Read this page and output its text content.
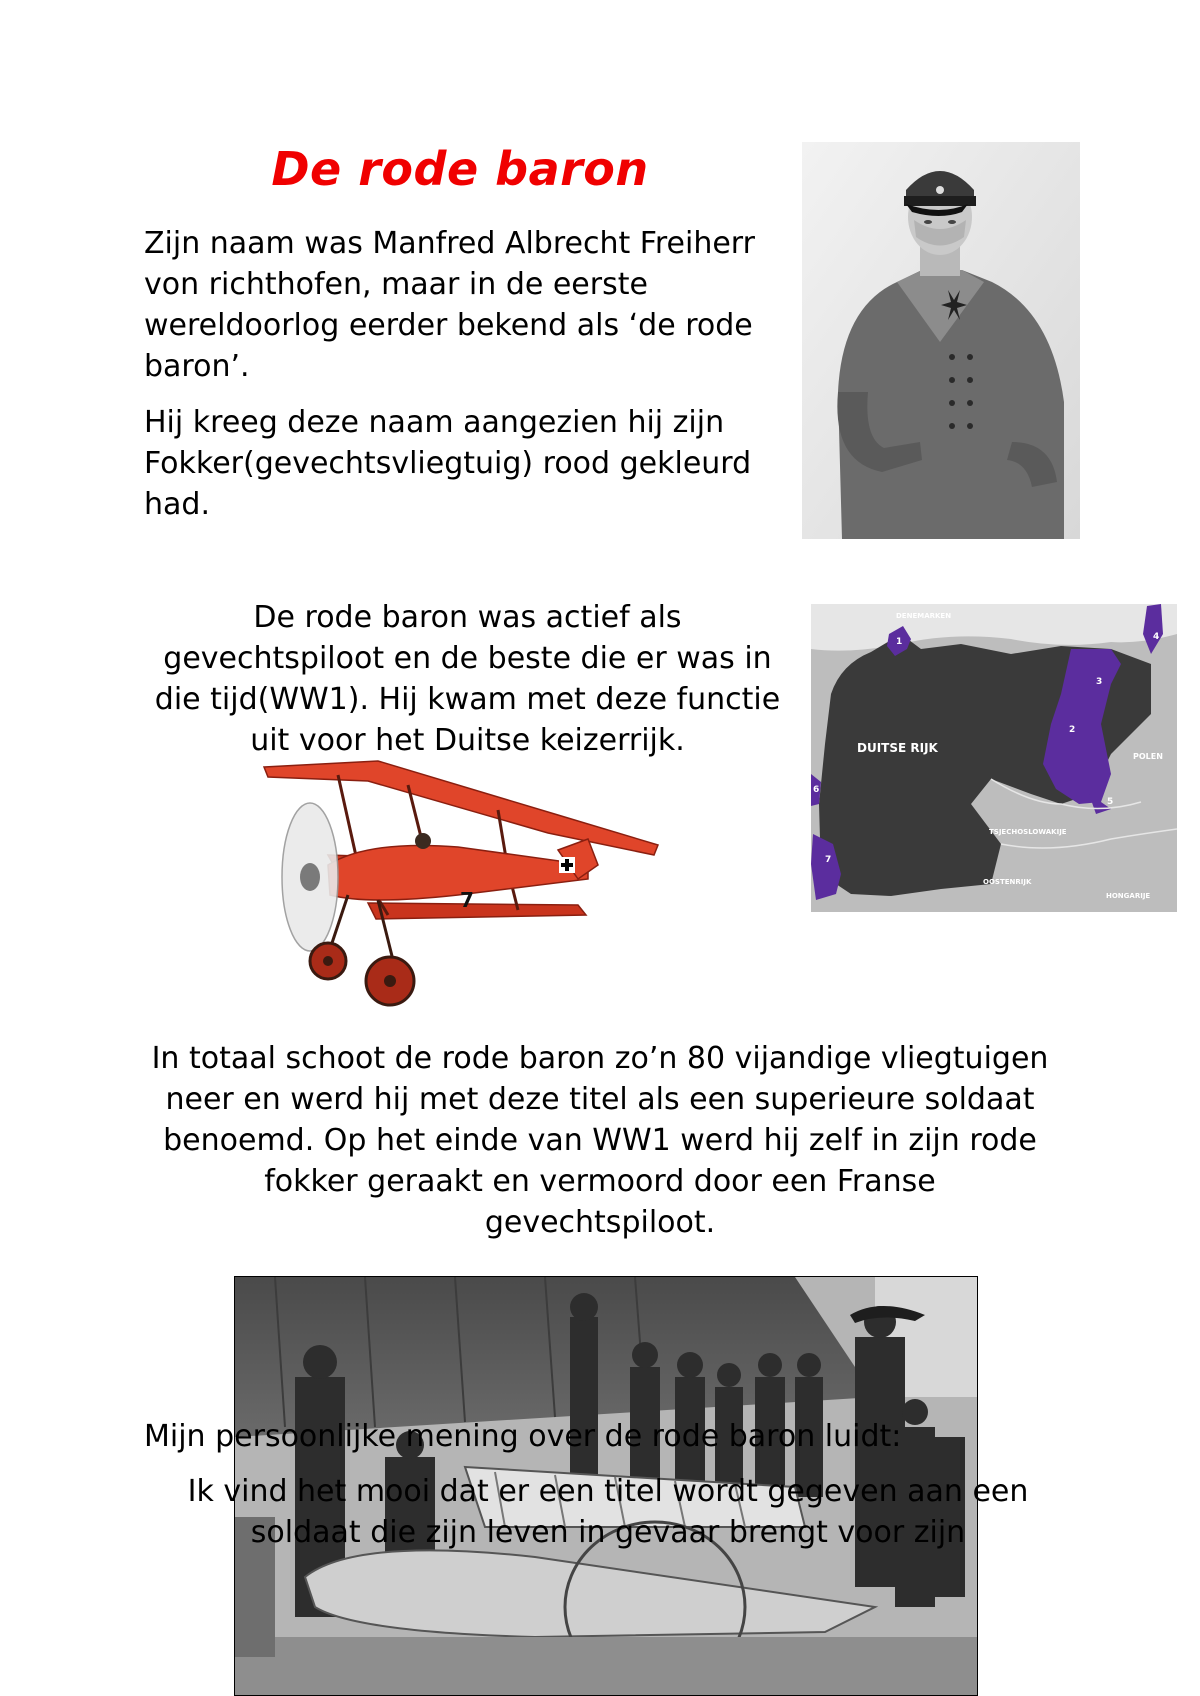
De rode baron

Zijn naam was Manfred Albrecht Freiherr von richthofen, maar in de eerste wereldoorlog eerder bekend als ‘de rode baron’.

Hij kreeg deze naam aangezien hij zijn Fokker(gevechtsvliegtuig) rood gekleurd had.

De rode baron was actief als gevechtspiloot en de beste die er was in die tijd(WW1). Hij kwam met deze functie uit voor het Duitse keizerrijk.	DUITSE RIJK
POLEN
TSJECHOSLOWAKIJE
OOSTENRIJK
HONGARIJE
DENEMARKEN
1
2
3
4
5
6
7
7

In totaal schoot de rode baron zo’n 80 vijandige vliegtuigen neer en werd hij met deze titel als een superieure soldaat benoemd. Op het einde van WW1 werd hij zelf in zijn rode fokker geraakt en vermoord door een Franse gevechtspiloot.

Mijn persoonlijke mening over de rode baron luidt:

Ik vind het mooi dat er een titel wordt gegeven aan een soldaat die zijn leven in gevaar brengt voor zijn
